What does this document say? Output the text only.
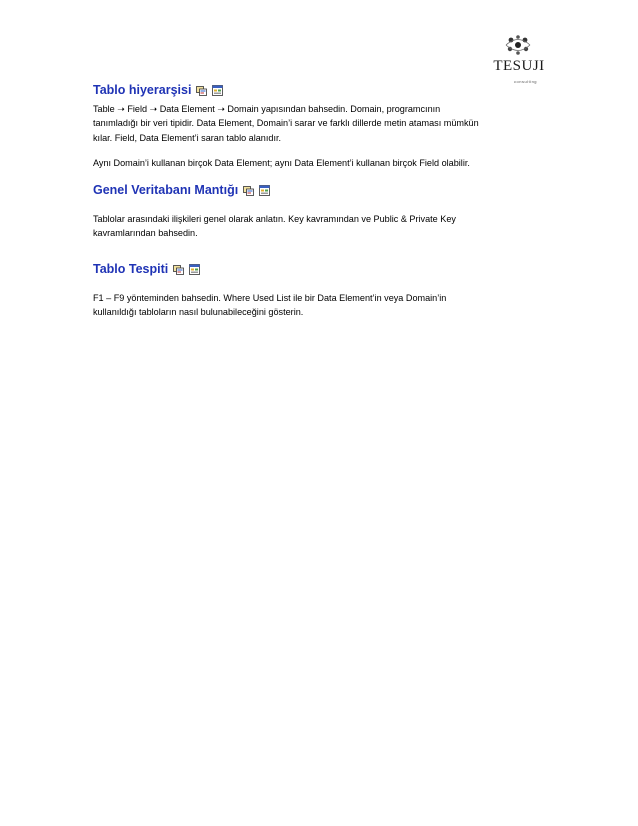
TESUJI
consulting
Tablo hiyerarşisi

Table ➝ Field ➝ Data Element ➝ Domain yapısından bahsedin. Domain, programcının
tanımladığı bir veri tipidir. Data Element, Domain’i sarar ve farklı dillerde metin ataması mümkün
kılar. Field, Data Element’i saran tablo alanıdır.

Aynı Domain’i kullanan birçok Data Element; aynı Data Element’i kullanan birçok Field olabilir.

Genel Veritabanı Mantığı

Tablolar arasındaki ilişkileri genel olarak anlatın. Key kavramından ve Public & Private Key
kavramlarından bahsedin.

Tablo Tespiti

F1 – F9 yönteminden bahsedin. Where Used List ile bir Data Element’in veya Domain’in
kullanıldığı tabloların nasıl bulunabileceğini gösterin.
